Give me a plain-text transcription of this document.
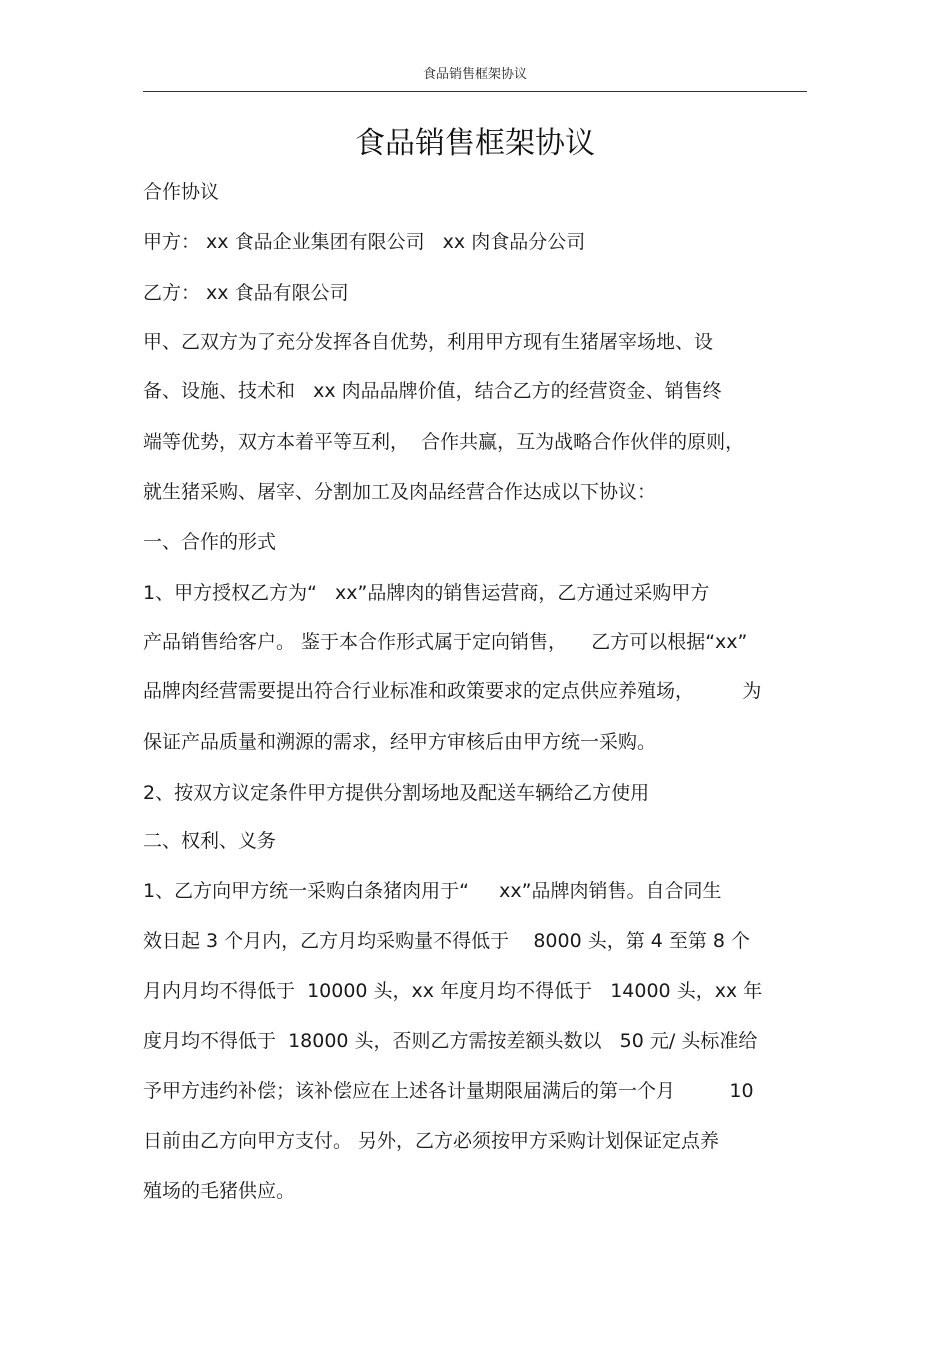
食品销售框架协议
食品销售框架协议
合作协议
甲方： xx 食品企业集团有限公司   xx 肉食品分公司
乙方： xx 食品有限公司
甲、乙双方为了充分发挥各自优势，利用甲方现有生猪屠宰场地、设
备、设施、技术和   xx 肉品品牌价值，结合乙方的经营资金、销售终
端等优势，双方本着平等互利，  合作共赢，互为战略合作伙伴的原则，
就生猪采购、屠宰、分割加工及肉品经营合作达成以下协议：
一、合作的形式
1、甲方授权乙方为“   xx”品牌肉的销售运营商，乙方通过采购甲方
产品销售给客户。 鉴于本合作形式属于定向销售，    乙方可以根据“xx”
品牌肉经营需要提出符合行业标准和政策要求的定点供应养殖场，        为
保证产品质量和溯源的需求，经甲方审核后由甲方统一采购。
2、按双方议定条件甲方提供分割场地及配送车辆给乙方使用
二、权利、义务
1、乙方向甲方统一采购白条猪肉用于“     xx”品牌肉销售。自合同生
效日起 3 个月内，乙方月均采购量不得低于    8000 头，第 4 至第 8 个
月内月均不得低于  10000 头，xx 年度月均不得低于   14000 头，xx 年
度月均不得低于  18000 头，否则乙方需按差额头数以   50 元/ 头标准给
予甲方违约补偿；该补偿应在上述各计量期限届满后的第一个月         10
日前由乙方向甲方支付。 另外，乙方必须按甲方采购计划保证定点养
殖场的毛猪供应。
